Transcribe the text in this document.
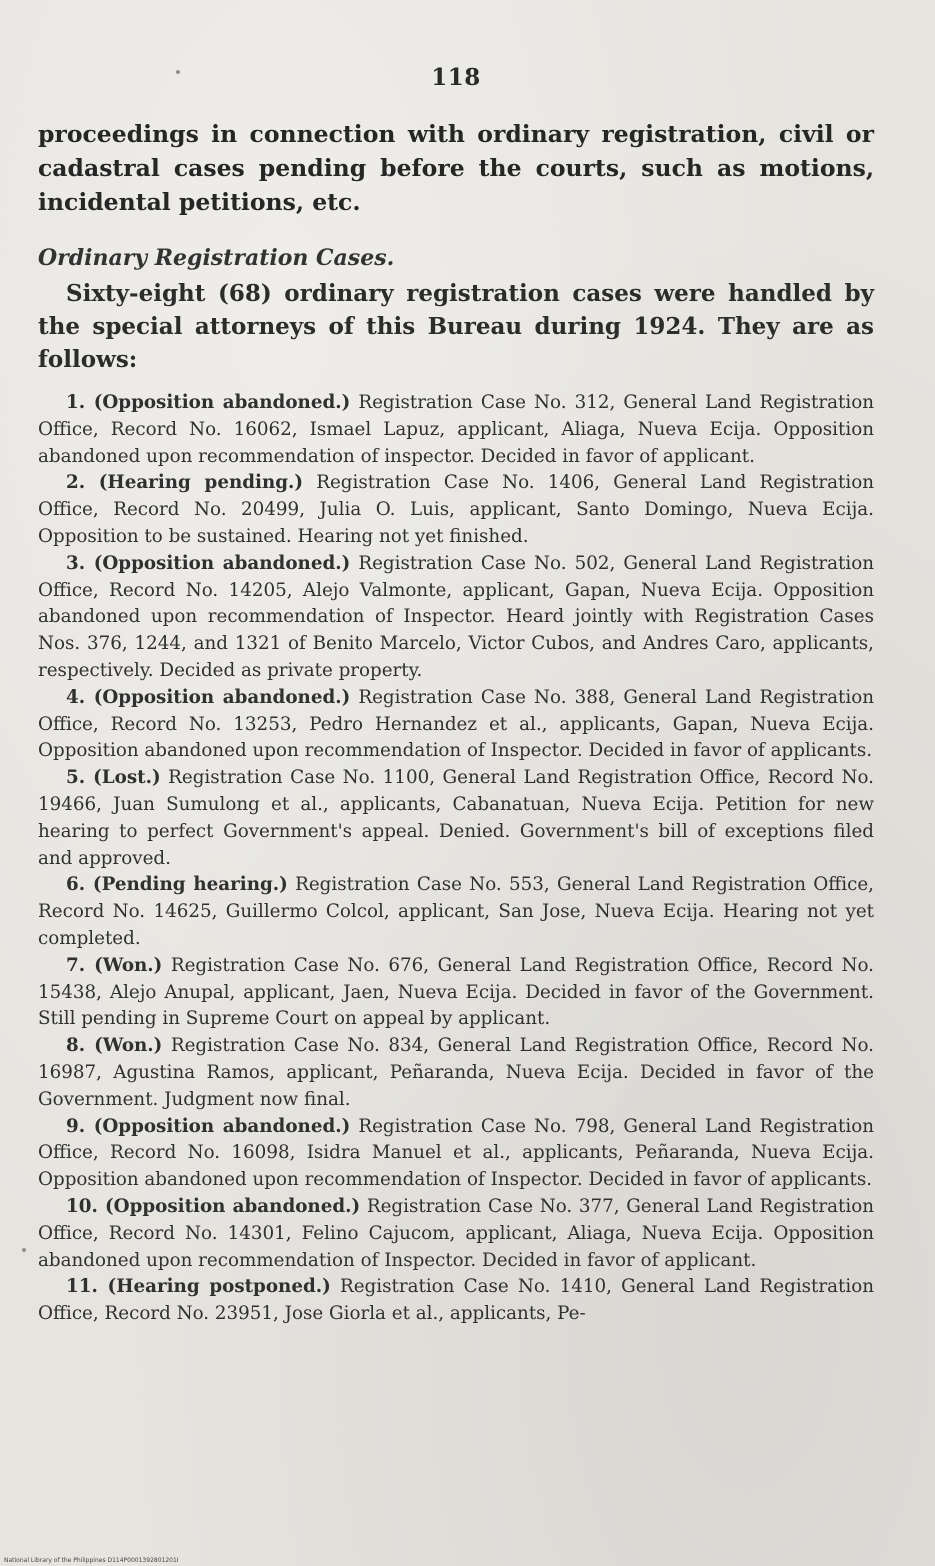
118

proceedings in connection with ordinary registration, civil or cadastral cases pending before the courts, such as motions, incidental petitions, etc.

Ordinary Registration Cases.

Sixty-eight (68) ordinary registration cases were handled by the special attorneys of this Bureau during 1924. They are as follows:

1. (Opposition abandoned.) Registration Case No. 312, General Land Registration Office, Record No. 16062, Ismael Lapuz, applicant, Aliaga, Nueva Ecija. Opposition abandoned upon recommendation of inspector. Decided in favor of applicant.
2. (Hearing pending.) Registration Case No. 1406, General Land Registration Office, Record No. 20499, Julia O. Luis, applicant, Santo Domingo, Nueva Ecija. Opposition to be sustained. Hearing not yet finished.
3. (Opposition abandoned.) Registration Case No. 502, General Land Registration Office, Record No. 14205, Alejo Valmonte, applicant, Gapan, Nueva Ecija. Opposition abandoned upon recommendation of Inspector. Heard jointly with Registration Cases Nos. 376, 1244, and 1321 of Benito Marcelo, Victor Cubos, and Andres Caro, applicants, respectively. Decided as private property.
4. (Opposition abandoned.) Registration Case No. 388, General Land Registration Office, Record No. 13253, Pedro Hernandez et al., applicants, Gapan, Nueva Ecija. Opposition abandoned upon recommendation of Inspector. Decided in favor of applicants.
5. (Lost.) Registration Case No. 1100, General Land Registration Office, Record No. 19466, Juan Sumulong et al., applicants, Cabanatuan, Nueva Ecija. Petition for new hearing to perfect Government's appeal. Denied. Government's bill of exceptions filed and approved.
6. (Pending hearing.) Registration Case No. 553, General Land Registration Office, Record No. 14625, Guillermo Colcol, applicant, San Jose, Nueva Ecija. Hearing not yet completed.
7. (Won.) Registration Case No. 676, General Land Registration Office, Record No. 15438, Alejo Anupal, applicant, Jaen, Nueva Ecija. Decided in favor of the Government. Still pending in Supreme Court on appeal by applicant.
8. (Won.) Registration Case No. 834, General Land Registration Office, Record No. 16987, Agustina Ramos, applicant, Peñaranda, Nueva Ecija. Decided in favor of the Government. Judgment now final.
9. (Opposition abandoned.) Registration Case No. 798, General Land Registration Office, Record No. 16098, Isidra Manuel et al., applicants, Peñaranda, Nueva Ecija. Opposition abandoned upon recommendation of Inspector. Decided in favor of applicants.
10. (Opposition abandoned.) Registration Case No. 377, General Land Registration Office, Record No. 14301, Felino Cajucom, applicant, Aliaga, Nueva Ecija. Opposition abandoned upon recommendation of Inspector. Decided in favor of applicant.
11. (Hearing postponed.) Registration Case No. 1410, General Land Registration Office, Record No. 23951, Jose Giorla et al., applicants, Pe-
National Library of the Philippines D114P0001392801201I
